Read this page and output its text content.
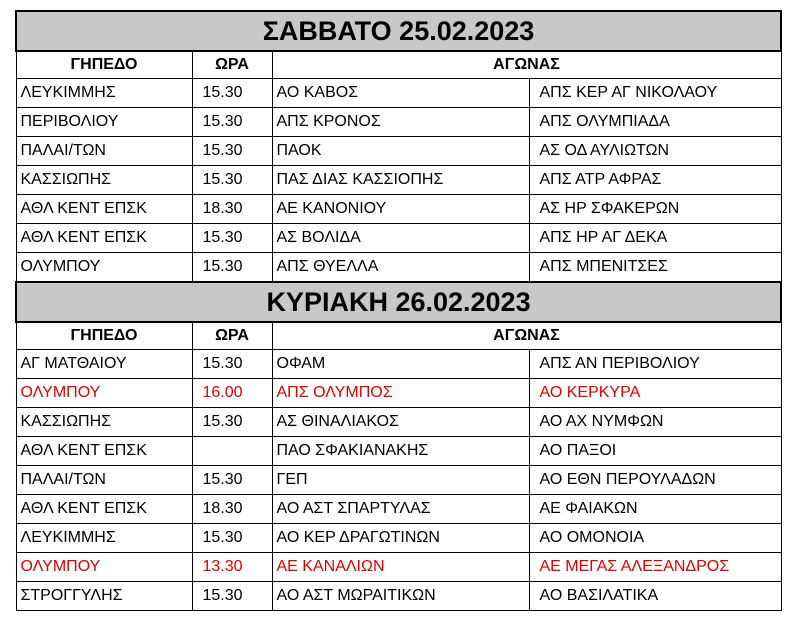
ΣΑΒΒΑΤΟ 25.02.2023			
ΓΗΠΕΔΟ	ΩΡΑ	ΑΓΩΝΑΣ	
ΛΕΥΚΙΜΜΗΣ	15.30	ΑΟ ΚΑΒΟΣ	ΑΠΣ ΚΕΡ ΑΓ ΝΙΚΟΛΑΟΥ
ΠΕΡΙΒΟΛΙΟΥ	15.30	ΑΠΣ ΚΡΟΝΟΣ	ΑΠΣ ΟΛΥΜΠΙΑΔΑ
ΠΑΛΑΙ/ΤΩΝ	15.30	ΠΑΟΚ	ΑΣ ΟΔ ΑΥΛΙΩΤΩΝ
ΚΑΣΣΙΩΠΗΣ	15.30	ΠΑΣ ΔΙΑΣ ΚΑΣΣΙΟΠΗΣ	ΑΠΣ ΑΤΡ ΑΦΡΑΣ
ΑΘΛ ΚΕΝΤ ΕΠΣΚ	18.30	ΑΕ ΚΑΝΟΝΙΟΥ	ΑΣ ΗΡ ΣΦΑΚΕΡΩΝ
ΑΘΛ ΚΕΝΤ ΕΠΣΚ	15.30	ΑΣ ΒΟΛΙΔΑ	ΑΠΣ ΗΡ ΑΓ ΔΕΚΑ
ΟΛΥΜΠΟΥ	15.30	ΑΠΣ ΘΥΕΛΛΑ	ΑΠΣ ΜΠΕΝΙΤΣΕΣ
ΚΥΡΙΑΚΗ 26.02.2023			
ΓΗΠΕΔΟ	ΩΡΑ	ΑΓΩΝΑΣ	
ΑΓ ΜΑΤΘΑΙΟΥ	15.30	ΟΦΑΜ	ΑΠΣ ΑΝ ΠΕΡΙΒΟΛΙΟΥ
ΟΛΥΜΠΟΥ	16.00	ΑΠΣ ΟΛΥΜΠΟΣ	ΑΟ ΚΕΡΚΥΡΑ
ΚΑΣΣΙΩΠΗΣ	15.30	ΑΣ ΘΙΝΑΛΙΑΚΟΣ	ΑΟ ΑΧ ΝΥΜΦΩΝ
ΑΘΛ ΚΕΝΤ ΕΠΣΚ		ΠΑΟ ΣΦΑΚΙΑΝΑΚΗΣ	ΑΟ ΠΑΞΟΙ
ΠΑΛΑΙ/ΤΩΝ	15.30	ΓΕΠ	ΑΟ ΕΘΝ ΠΕΡΟΥΛΑΔΩΝ
ΑΘΛ ΚΕΝΤ ΕΠΣΚ	18.30	ΑΟ ΑΣΤ ΣΠΑΡΤΥΛΑΣ	ΑΕ ΦΑΙΑΚΩΝ
ΛΕΥΚΙΜΜΗΣ	15.30	ΑΟ ΚΕΡ ΔΡΑΓΩΤΙΝΩΝ	ΑΟ ΟΜΟΝΟΙΑ
ΟΛΥΜΠΟΥ	13.30	ΑΕ ΚΑΝΑΛΙΩΝ	ΑΕ ΜΕΓΑΣ ΑΛΕΞΑΝΔΡΟΣ
ΣΤΡΟΓΓΥΛΗΣ	15.30	ΑΟ ΑΣΤ ΜΩΡΑΙΤΙΚΩΝ	ΑΟ ΒΑΣΙΛΑΤΙΚΑ
